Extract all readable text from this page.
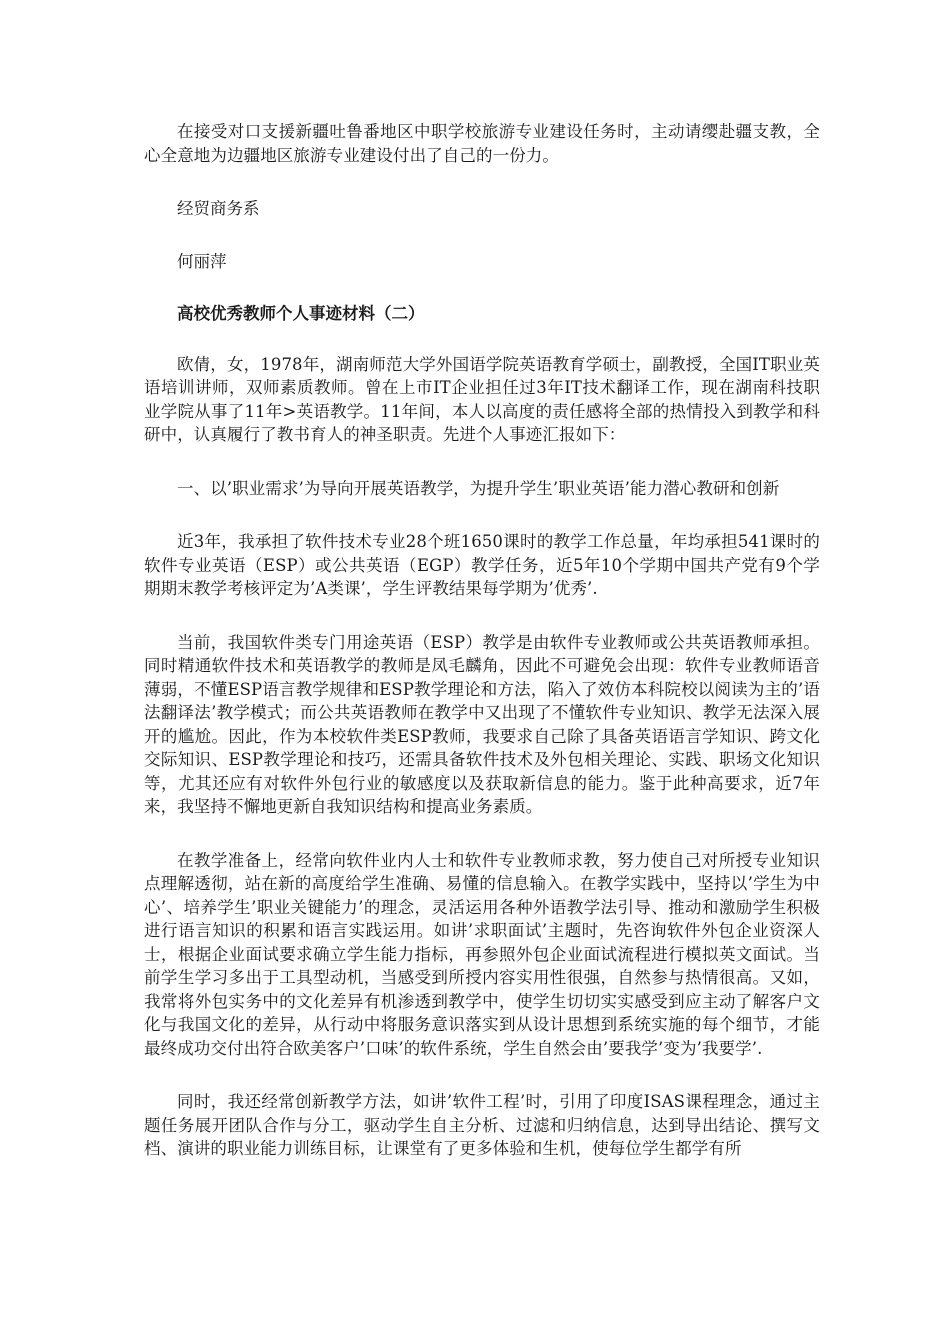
在接受对口支援新疆吐鲁番地区中职学校旅游专业建设任务时，主动请缨赴疆支教，全心全意地为边疆地区旅游专业建设付出了自己的一份力。

经贸商务系

何丽萍

高校优秀教师个人事迹材料（二）

欧倩，女，1978年，湖南师范大学外国语学院英语教育学硕士，副教授，全国IT职业英语培训讲师，双师素质教师。曾在上市IT企业担任过3年IT技术翻译工作，现在湖南科技职业学院从事了11年>英语教学。11年间，本人以高度的责任感将全部的热情投入到教学和科研中，认真履行了教书育人的神圣职责。先进个人事迹汇报如下：

一、以’职业需求’为导向开展英语教学，为提升学生’职业英语’能力潜心教研和创新

近3年，我承担了软件技术专业28个班1650课时的教学工作总量，年均承担541课时的软件专业英语（ESP）或公共英语（EGP）教学任务，近5年10个学期中国共产党有9个学期期末教学考核评定为’A类课’，学生评教结果每学期为’优秀’.

当前，我国软件类专门用途英语（ESP）教学是由软件专业教师或公共英语教师承担。同时精通软件技术和英语教学的教师是凤毛麟角，因此不可避免会出现：软件专业教师语音薄弱，不懂ESP语言教学规律和ESP教学理论和方法，陷入了效仿本科院校以阅读为主的’语法翻译法’教学模式；而公共英语教师在教学中又出现了不懂软件专业知识、教学无法深入展开的尴尬。因此，作为本校软件类ESP教师，我要求自己除了具备英语语言学知识、跨文化交际知识、ESP教学理论和技巧，还需具备软件技术及外包相关理论、实践、职场文化知识等，尤其还应有对软件外包行业的敏感度以及获取新信息的能力。鉴于此种高要求，近7年来，我坚持不懈地更新自我知识结构和提高业务素质。

在教学准备上，经常向软件业内人士和软件专业教师求教，努力使自己对所授专业知识点理解透彻，站在新的高度给学生准确、易懂的信息输入。在教学实践中，坚持以’学生为中心’、培养学生’职业关键能力’的理念，灵活运用各种外语教学法引导、推动和激励学生积极进行语言知识的积累和语言实践运用。如讲’求职面试’主题时，先咨询软件外包企业资深人士，根据企业面试要求确立学生能力指标，再参照外包企业面试流程进行模拟英文面试。当前学生学习多出于工具型动机，当感受到所授内容实用性很强，自然参与热情很高。又如，我常将外包实务中的文化差异有机渗透到教学中，使学生切切实实感受到应主动了解客户文化与我国文化的差异，从行动中将服务意识落实到从设计思想到系统实施的每个细节，才能最终成功交付出符合欧美客户’口味’的软件系统，学生自然会由’要我学’变为’我要学’.

同时，我还经常创新教学方法，如讲’软件工程’时，引用了印度ISAS课程理念，通过主题任务展开团队合作与分工，驱动学生自主分析、过滤和归纳信息，达到导出结论、撰写文档、演讲的职业能力训练目标，让课堂有了更多体验和生机，使每位学生都学有所
